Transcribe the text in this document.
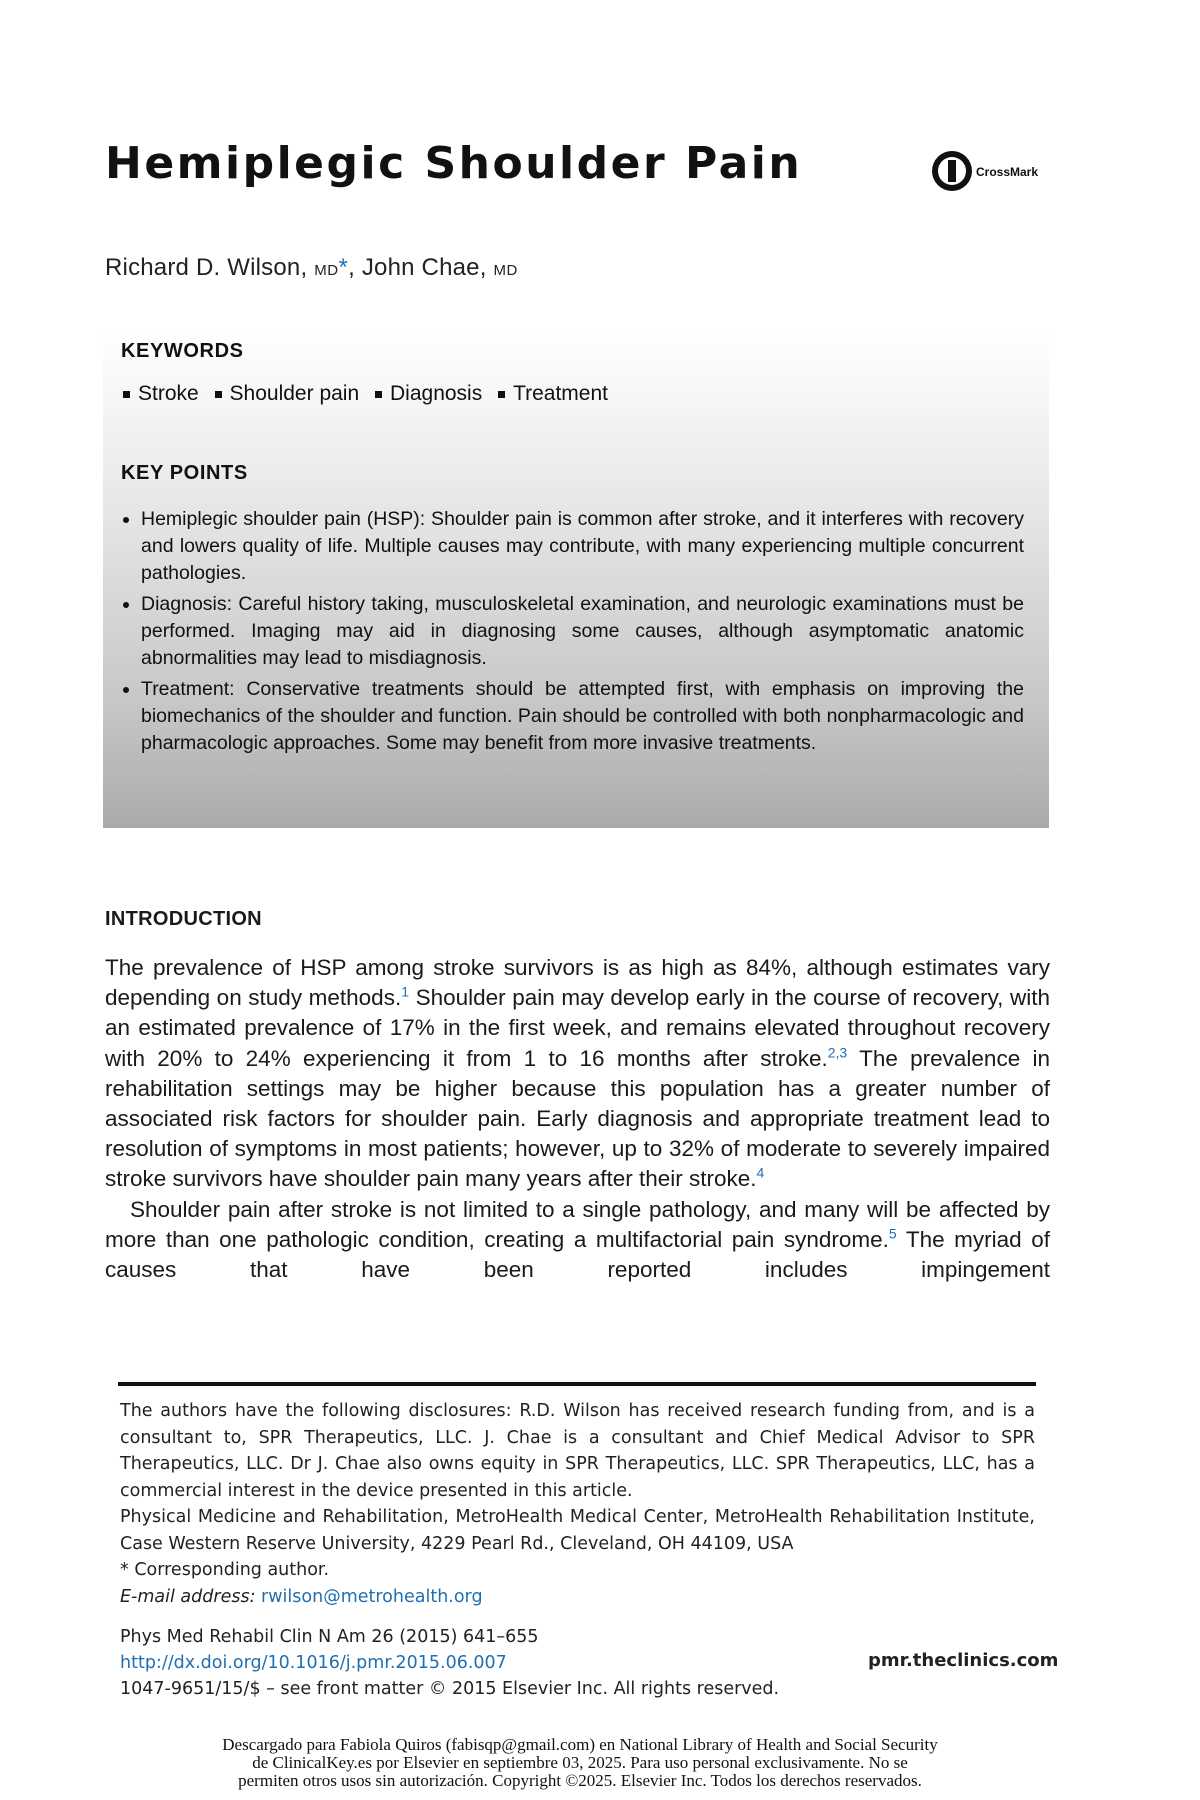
Hemiplegic Shoulder Pain	CrossMark
Richard D. Wilson, MD*, John Chae, MD
KEYWORDS
Stroke Shoulder pain Diagnosis Treatment
KEY POINTS
Hemiplegic shoulder pain (HSP): Shoulder pain is common after stroke, and it interferes with recovery and lowers quality of life. Multiple causes may contribute, with many experiencing multiple concurrent pathologies.
Diagnosis: Careful history taking, musculoskeletal examination, and neurologic examinations must be performed. Imaging may aid in diagnosing some causes, although asymptomatic anatomic abnormalities may lead to misdiagnosis.
Treatment: Conservative treatments should be attempted first, with emphasis on improving the biomechanics of the shoulder and function. Pain should be controlled with both nonpharmacologic and pharmacologic approaches. Some may benefit from more invasive treatments.
INTRODUCTION

The prevalence of HSP among stroke survivors is as high as 84%, although estimates vary depending on study methods.$^1$ Shoulder pain may develop early in the course of recovery, with an estimated prevalence of 17% in the first week, and remains elevated throughout recovery with 20% to 24% experiencing it from 1 to 16 months after stroke.$^{2,3}$ The prevalence in rehabilitation settings may be higher because this population has a greater number of associated risk factors for shoulder pain. Early diagnosis and appropriate treatment lead to resolution of symptoms in most patients; however, up to 32% of moderate to severely impaired stroke survivors have shoulder pain many years after their stroke.$^4$

Shoulder pain after stroke is not limited to a single pathology, and many will be affected by more than one pathologic condition, creating a multifactorial pain syndrome.$^5$ The myriad of causes that have been reported includes impingement

The authors have the following disclosures: R.D. Wilson has received research funding from, and is a consultant to, SPR Therapeutics, LLC. J. Chae is a consultant and Chief Medical Advisor to SPR Therapeutics, LLC. Dr J. Chae also owns equity in SPR Therapeutics, LLC. SPR Therapeutics, LLC, has a commercial interest in the device presented in this article.

Physical Medicine and Rehabilitation, MetroHealth Medical Center, MetroHealth Rehabilitation Institute, Case Western Reserve University, 4229 Pearl Rd., Cleveland, OH 44109, USA

* Corresponding author.

E-mail address: rwilson@metrohealth.org

Phys Med Rehabil Clin N Am 26 (2015) 641–655
http://dx.doi.org/10.1016/j.pmr.2015.06.007
1047-9651/15/$ – see front matter © 2015 Elsevier Inc. All rights reserved.
pmr.theclinics.com
Descargado para Fabiola Quiros (fabisqp@gmail.com) en National Library of Health and Social Security
de ClinicalKey.es por Elsevier en septiembre 03, 2025. Para uso personal exclusivamente. No se
permiten otros usos sin autorización. Copyright ©2025. Elsevier Inc. Todos los derechos reservados.
